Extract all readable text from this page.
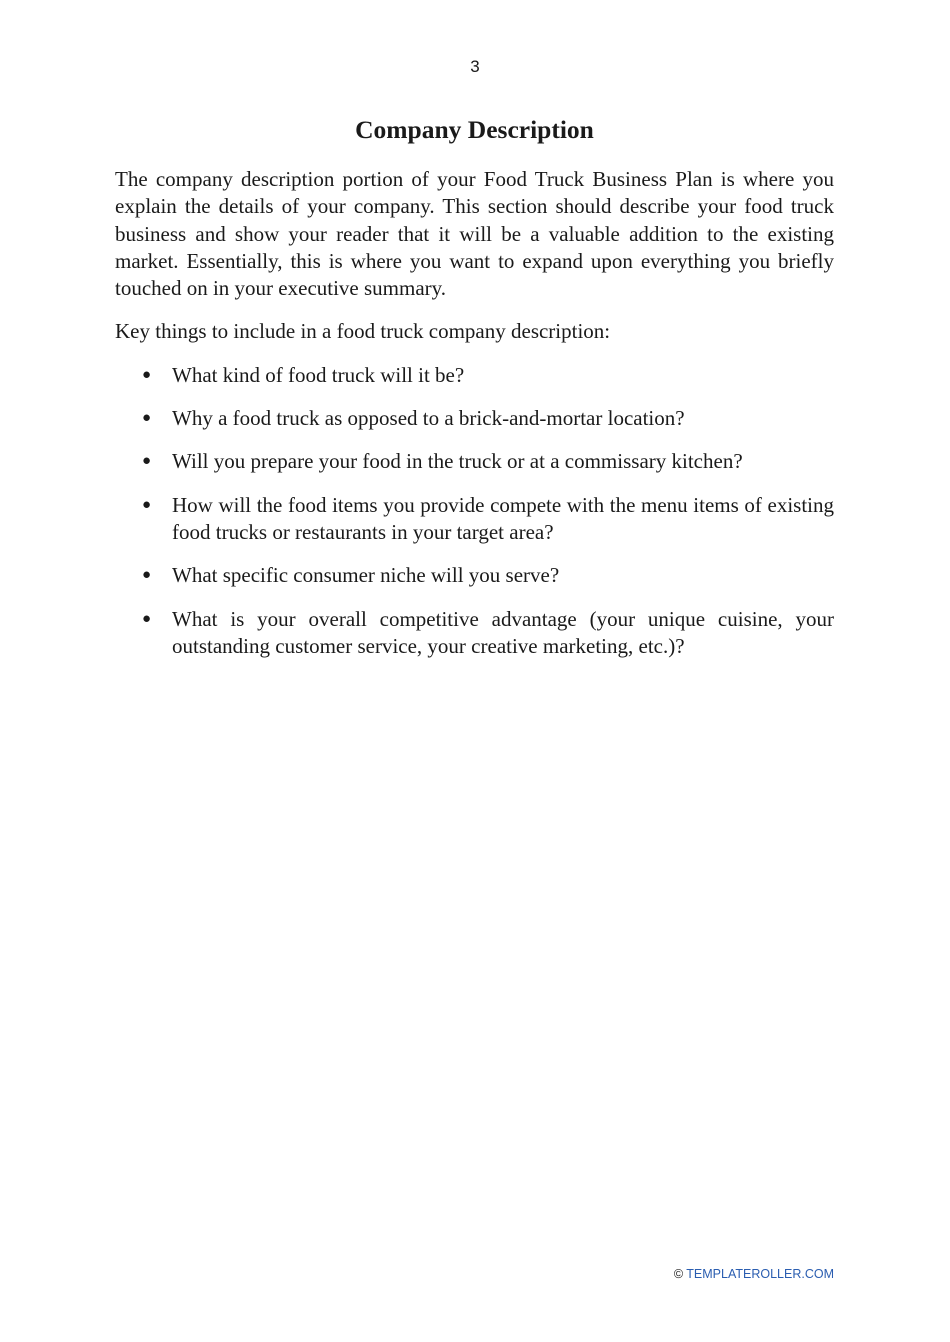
3
Company Description

The company description portion of your Food Truck Business Plan is where you explain the details of your company. This section should describe your food truck business and show your reader that it will be a valuable addition to the existing market. Essentially, this is where you want to expand upon everything you briefly touched on in your executive summary.

Key things to include in a food truck company description:

● What kind of food truck will it be?
● Why a food truck as opposed to a brick-and-mortar location?
● Will you prepare your food in the truck or at a commissary kitchen?
● How will the food items you provide compete with the menu items of existing food trucks or restaurants in your target area?
● What specific consumer niche will you serve?
● What is your overall competitive advantage (your unique cuisine, your outstanding customer service, your creative marketing, etc.)?
© TEMPLATEROLLER.COM
